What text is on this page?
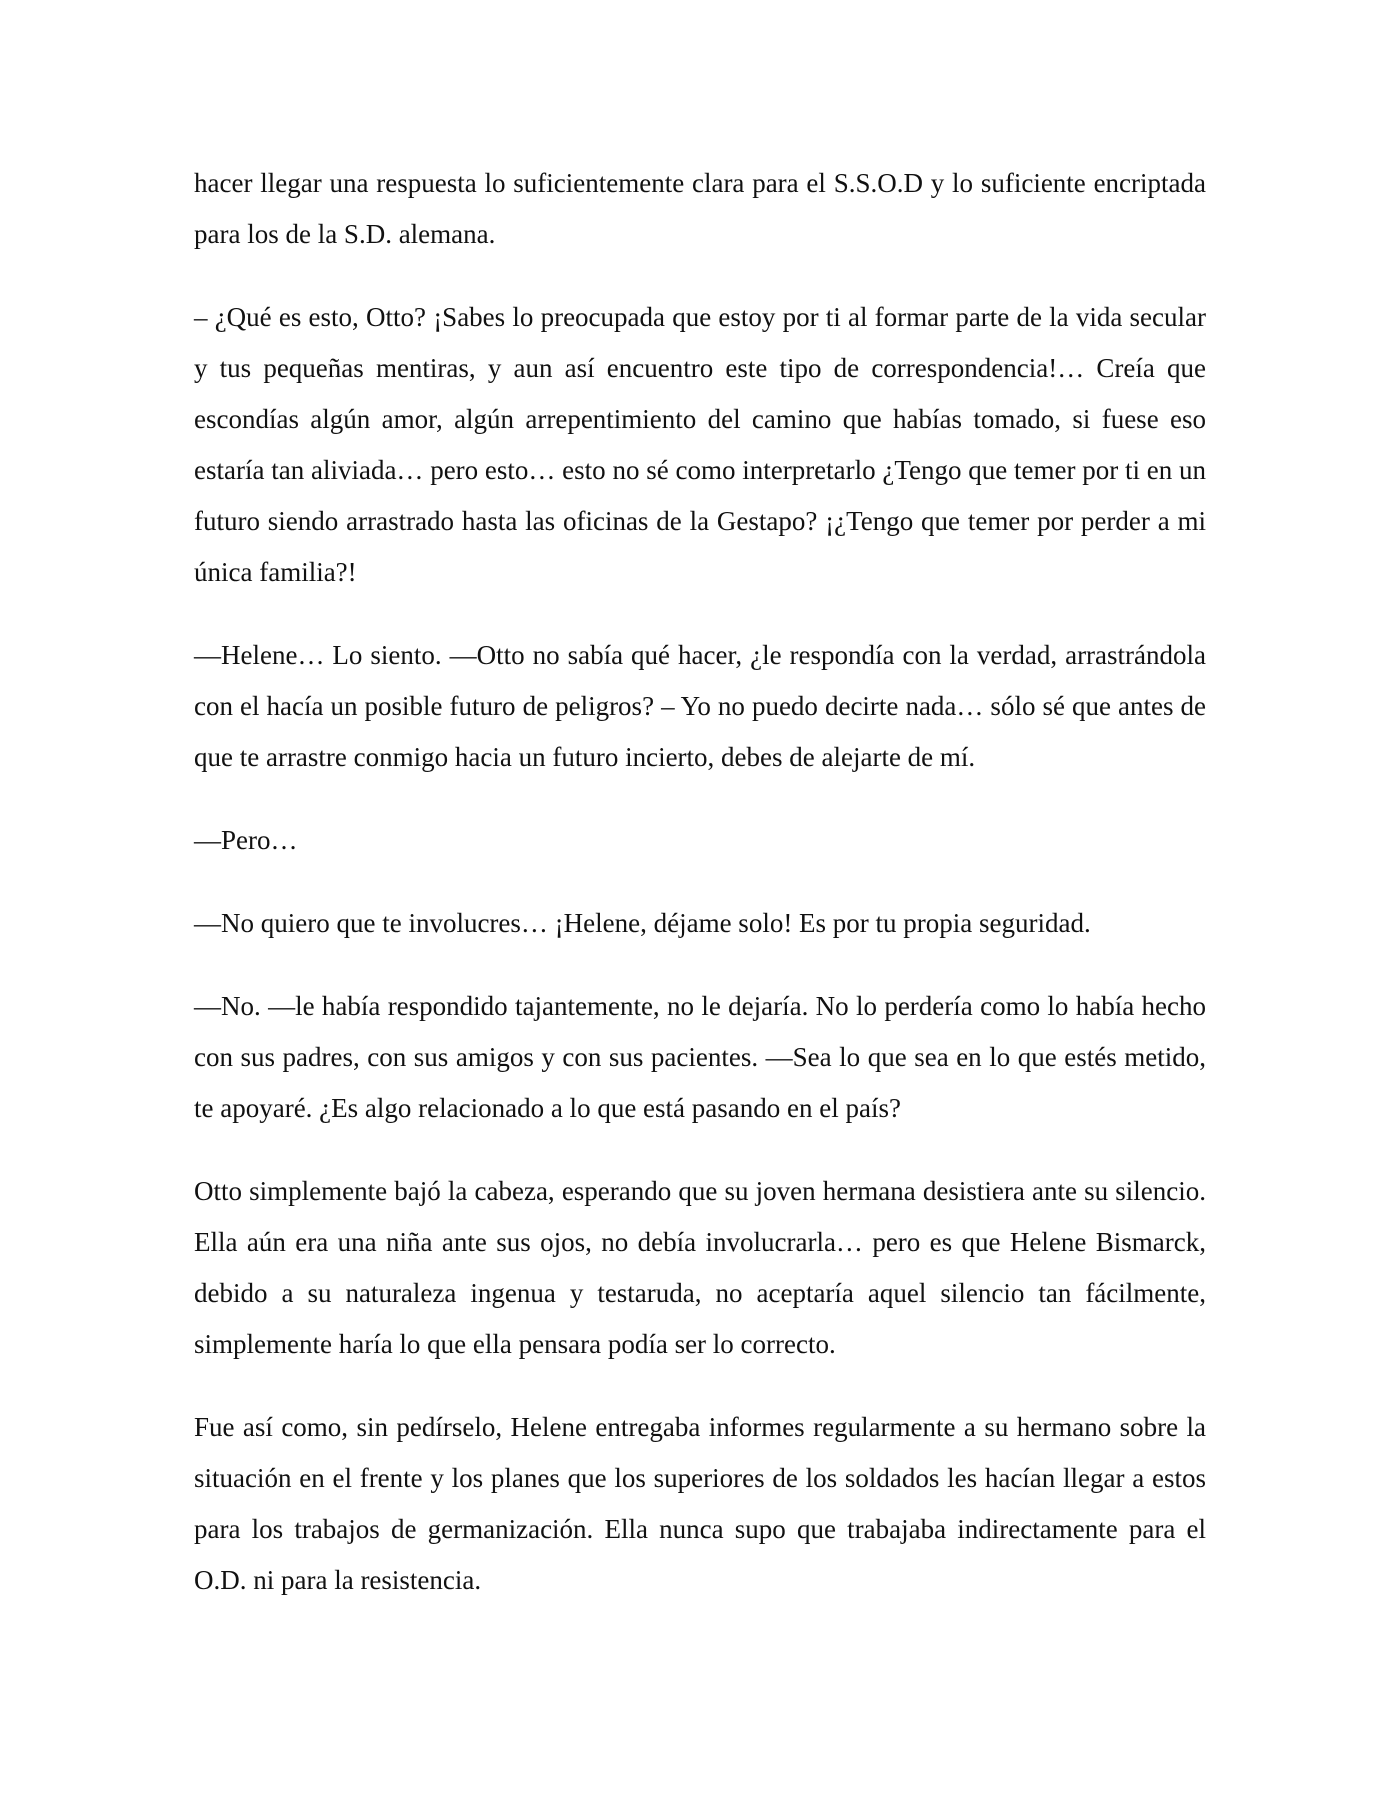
hacer llegar una respuesta lo suficientemente clara para el S.S.O.D y lo suficiente encriptada para los de la S.D. alemana.

– ¿Qué es esto, Otto? ¡Sabes lo preocupada que estoy por ti al formar parte de la vida secular y tus pequeñas mentiras, y aun así encuentro este tipo de correspondencia!… Creía que escondías algún amor, algún arrepentimiento del camino que habías tomado, si fuese eso estaría tan aliviada… pero esto… esto no sé como interpretarlo ¿Tengo que temer por ti en un futuro siendo arrastrado hasta las oficinas de la Gestapo? ¡¿Tengo que temer por perder a mi única familia?!

—Helene… Lo siento. —Otto no sabía qué hacer, ¿le respondía con la verdad, arrastrándola con el hacía un posible futuro de peligros? – Yo no puedo decirte nada… sólo sé que antes de que te arrastre conmigo hacia un futuro incierto, debes de alejarte de mí.

—Pero…

—No quiero que te involucres… ¡Helene, déjame solo! Es por tu propia seguridad.

—No. —le había respondido tajantemente, no le dejaría. No lo perdería como lo había hecho con sus padres, con sus amigos y con sus pacientes. —Sea lo que sea en lo que estés metido, te apoyaré. ¿Es algo relacionado a lo que está pasando en el país?

Otto simplemente bajó la cabeza, esperando que su joven hermana desistiera ante su silencio. Ella aún era una niña ante sus ojos, no debía involucrarla… pero es que Helene Bismarck, debido a su naturaleza ingenua y testaruda, no aceptaría aquel silencio tan fácilmente, simplemente haría lo que ella pensara podía ser lo correcto.

Fue así como, sin pedírselo, Helene entregaba informes regularmente a su hermano sobre la situación en el frente y los planes que los superiores de los soldados les hacían llegar a estos para los trabajos de germanización. Ella nunca supo que trabajaba indirectamente para el O.D. ni para la resistencia.
